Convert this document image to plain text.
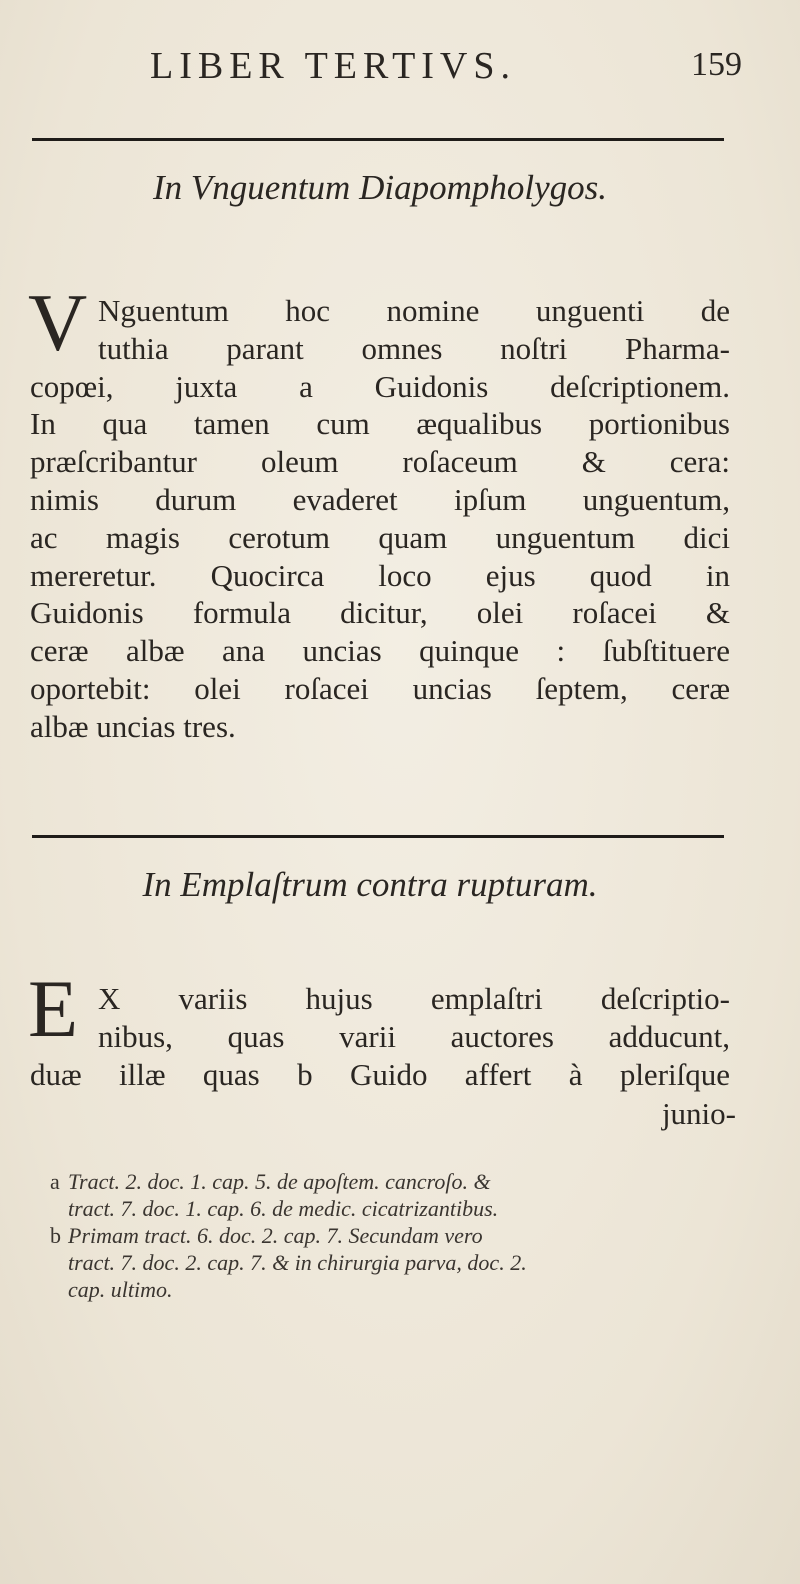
LIBER TERTIVS.	159
In Vnguentum Diapompholygos.
V Nguentum hoc nomine unguenti de
tuthia parant omnes noſtri Pharma-
copœi, juxta a Guidonis deſcriptionem.
In qua tamen cum æqualibus portionibus
præſcribantur oleum roſaceum & cera:
nimis durum evaderet ipſum unguentum,
ac magis cerotum quam unguentum dici
mereretur. Quocirca loco ejus quod in
Guidonis formula dicitur, olei roſacei &
ceræ albæ ana uncias quinque : ſubſtituere
oportebit: olei roſacei uncias ſeptem, ceræ
albæ uncias tres.
In Emplaſtrum contra rupturam.
E X variis hujus emplaſtri deſcriptio-
nibus, quas varii auctores adducunt,
duæ illæ quas b Guido affert à pleriſque
junio-
a Tract. 2. doc. 1. cap. 5. de apoſtem. cancroſo. &
tract. 7. doc. 1. cap. 6. de medic. cicatrizantibus.
b Primam tract. 6. doc. 2. cap. 7. Secundam vero
tract. 7. doc. 2. cap. 7. & in chirurgia parva, doc. 2.
cap. ultimo.
